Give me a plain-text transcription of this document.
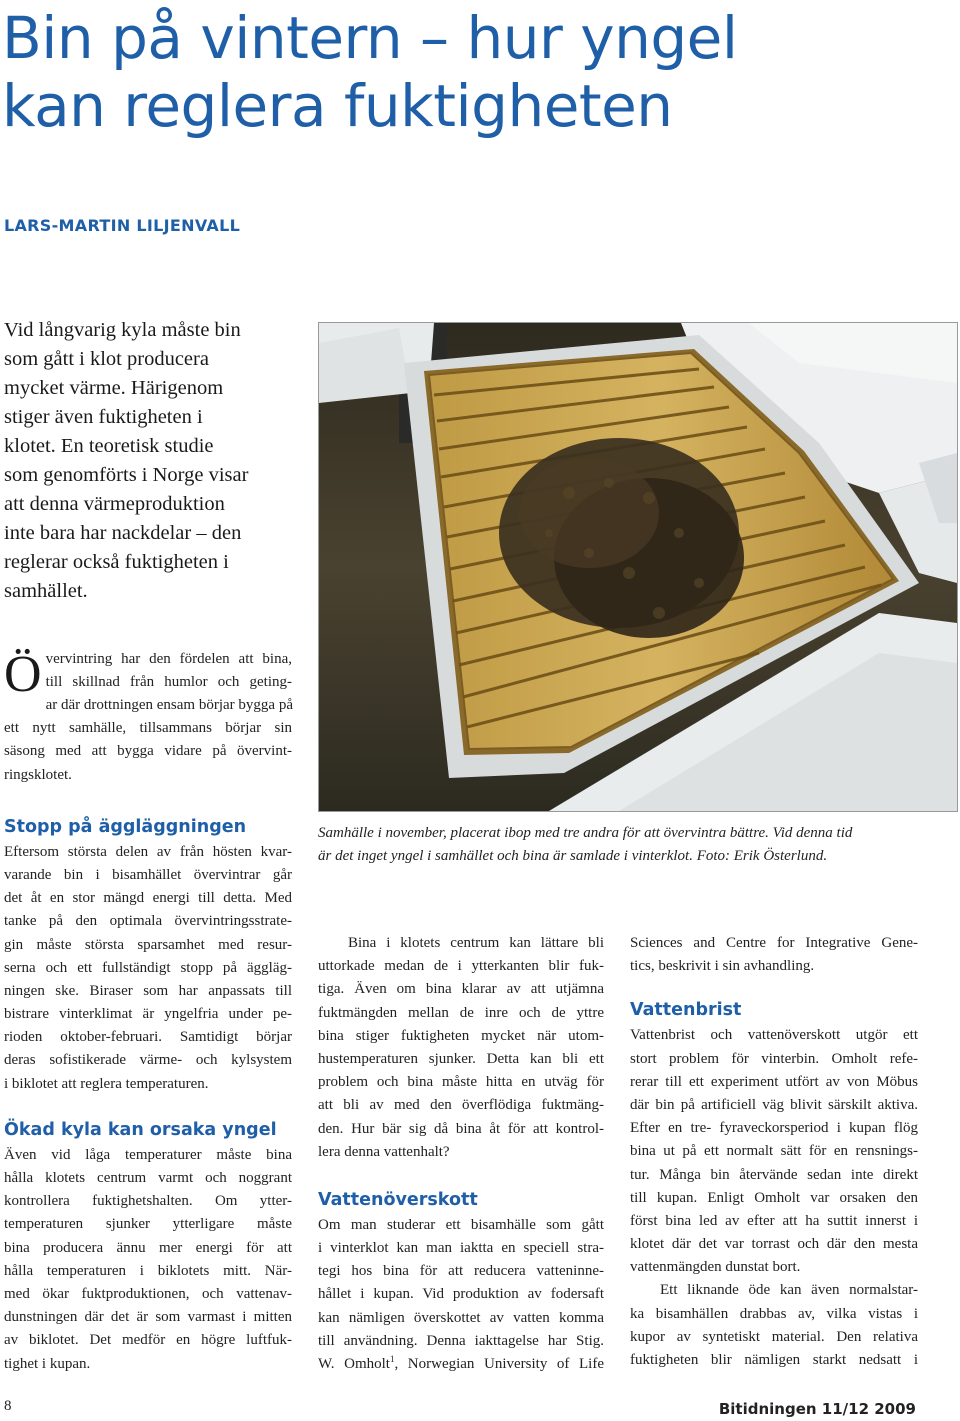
Bin på vintern – hur yngel
kan reglera fuktigheten
LARS-MARTIN LILJENVALL
Vid långvarig kyla måste bin
som gått i klot producera
mycket värme. Härigenom
stiger även fuktigheten i
klotet. En teoretisk studie
som genomförts i Norge visar
att denna värmeproduktion
inte bara har nackdelar – den
reglerar också fuktigheten i
samhället.
Ö vervintring har den fördelen att bina,
till skillnad från humlor och geting-
ar där drottningen ensam börjar bygga på
ett nytt samhälle, tillsammans börjar sin
säsong med att bygga vidare på övervint-
ringsklotet.
Stopp på äggläggningen
Eftersom största delen av från hösten kvar-
varande bin i bisamhället övervintrar går
det åt en stor mängd energi till detta. Med
tanke på den optimala övervintringsstrate-
gin måste största sparsamhet med resur-
serna och ett fullständigt stopp på äggläg-
ningen ske. Biraser som har anpassats till
bistrare vinterklimat är yngelfria under pe-
rioden oktober-februari. Samtidigt börjar
deras sofistikerade värme- och kylsystem
i biklotet att reglera temperaturen.
Ökad kyla kan orsaka yngel
Även vid låga temperaturer måste bina
hålla klotets centrum varmt och noggrant
kontrollera fuktighetshalten. Om ytter-
temperaturen sjunker ytterligare måste
bina producera ännu mer energi för att
hålla temperaturen i biklotets mitt. När-
med ökar fuktproduktionen, och vattenav-
dunstningen där det är som varmast i mitten
av biklotet. Det medför en högre luftfuk-
tighet i kupan.
Samhälle i november, placerat ibop med tre andra för att övervintra bättre. Vid denna tid
är det inget yngel i samhället och bina är samlade i vinterklot. Foto: Erik Österlund.
Bina i klotets centrum kan lättare bli
uttorkade medan de i ytterkanten blir fuk-
tiga. Även om bina klarar av att utjämna
fuktmängden mellan de inre och de yttre
bina stiger fuktigheten mycket när utom-
hustemperaturen sjunker. Detta kan bli ett
problem och bina måste hitta en utväg för
att bli av med den överflödiga fuktmäng-
den. Hur bär sig då bina åt för att kontrol-
lera denna vattenhalt?
Vattenöverskott
Om man studerar ett bisamhälle som gått
i vinterklot kan man iaktta en speciell stra-
tegi hos bina för att reducera vatteninne-
hållet i kupan. Vid produktion av fodersaft
kan nämligen överskottet av vatten komma
till användning. Denna iakttagelse har Stig.
W. Omholt$^1$, Norwegian University of Life
Sciences and Centre for Integrative Gene-
tics, beskrivit i sin avhandling.
Vattenbrist
Vattenbrist och vattenöverskott utgör ett
stort problem för vinterbin. Omholt refe-
rerar till ett experiment utfört av von Möbus
där bin på artificiell väg blivit särskilt aktiva.
Efter en tre- fyraveckorsperiod i kupan flög
bina ut på ett normalt sätt för en rensnings-
tur. Många bin återvände sedan inte direkt
till kupan. Enligt Omholt var orsaken den
först bina led av efter att ha suttit innerst i
klotet där det var torrast och där den mesta
vattenmängden dunstat bort.
Ett liknande öde kan även normalstar-
ka bisamhällen drabbas av, vilka vistas i
kupor av syntetiskt material. Den relativa
fuktigheten blir nämligen starkt nedsatt i
8	Bitidningen 11/12 2009
